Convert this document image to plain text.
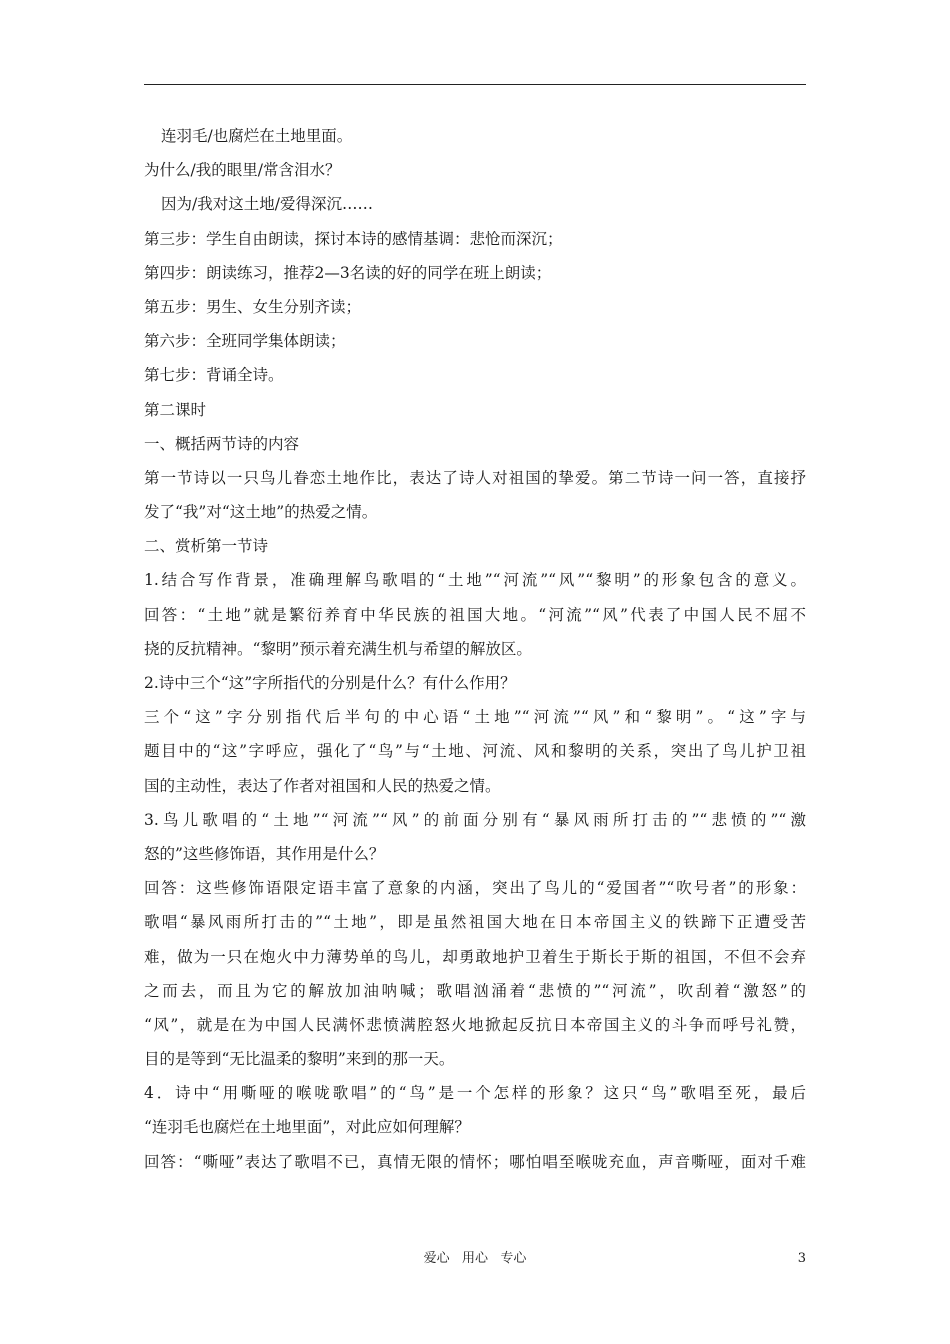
连羽毛/也腐烂在土地里面。
为什么/我的眼里/常含泪水？
因为/我对这土地/爱得深沉……
第三步：学生自由朗读，探讨本诗的感情基调：悲怆而深沉；
第四步：朗读练习，推荐2—3名读的好的同学在班上朗读；
第五步：男生、女生分别齐读；
第六步：全班同学集体朗读；
第七步：背诵全诗。
第二课时
一、概括两节诗的内容
第一节诗以一只鸟儿眷恋土地作比，表达了诗人对祖国的挚爱。第二节诗一问一答，直接抒
发了“我”对“这土地”的热爱之情。
二、赏析第一节诗
1.结合写作背景，准确理解鸟歌唱的“土地”“河流”“风”“黎明”的形象包含的意义。
回答：“土地”就是繁衍养育中华民族的祖国大地。“河流”“风”代表了中国人民不屈不
挠的反抗精神。“黎明”预示着充满生机与希望的解放区。
2.诗中三个“这”字所指代的分别是什么？有什么作用？
三个“这”字分别指代后半句的中心语“土地”“河流”“风”和“黎明”。“这”字与
题目中的“这”字呼应，强化了“鸟”与“土地、河流、风和黎明的关系，突出了鸟儿护卫祖
国的主动性，表达了作者对祖国和人民的热爱之情。
3.鸟儿歌唱的“土地”“河流”“风”的前面分别有“暴风雨所打击的”“悲愤的”“激
怒的”这些修饰语，其作用是什么？
回答：这些修饰语限定语丰富了意象的内涵，突出了鸟儿的“爱国者”“吹号者”的形象：
歌唱“暴风雨所打击的”“土地”，即是虽然祖国大地在日本帝国主义的铁蹄下正遭受苦
难，做为一只在炮火中力薄势单的鸟儿，却勇敢地护卫着生于斯长于斯的祖国，不但不会弃
之而去，而且为它的解放加油呐喊；歌唱汹涌着“悲愤的”“河流”，吹刮着“激怒”的
“风”，就是在为中国人民满怀悲愤满腔怒火地掀起反抗日本帝国主义的斗争而呼号礼赞，
目的是等到“无比温柔的黎明”来到的那一天。
4．诗中“用嘶哑的喉咙歌唱”的“鸟”是一个怎样的形象？这只“鸟”歌唱至死，最后
“连羽毛也腐烂在土地里面”，对此应如何理解？
回答：“嘶哑”表达了歌唱不已，真情无限的情怀；哪怕唱至喉咙充血，声音嘶哑，面对千难
爱心   用心   专心	3
